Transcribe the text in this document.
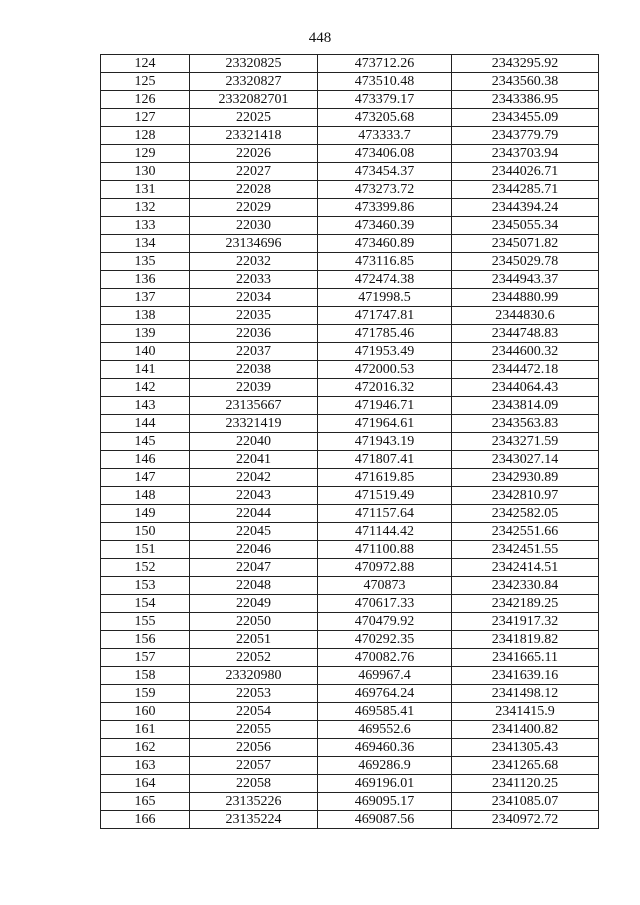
448
124	23320825	473712.26	2343295.92
125	23320827	473510.48	2343560.38
126	2332082701	473379.17	2343386.95
127	22025	473205.68	2343455.09
128	23321418	473333.7	2343779.79
129	22026	473406.08	2343703.94
130	22027	473454.37	2344026.71
131	22028	473273.72	2344285.71
132	22029	473399.86	2344394.24
133	22030	473460.39	2345055.34
134	23134696	473460.89	2345071.82
135	22032	473116.85	2345029.78
136	22033	472474.38	2344943.37
137	22034	471998.5	2344880.99
138	22035	471747.81	2344830.6
139	22036	471785.46	2344748.83
140	22037	471953.49	2344600.32
141	22038	472000.53	2344472.18
142	22039	472016.32	2344064.43
143	23135667	471946.71	2343814.09
144	23321419	471964.61	2343563.83
145	22040	471943.19	2343271.59
146	22041	471807.41	2343027.14
147	22042	471619.85	2342930.89
148	22043	471519.49	2342810.97
149	22044	471157.64	2342582.05
150	22045	471144.42	2342551.66
151	22046	471100.88	2342451.55
152	22047	470972.88	2342414.51
153	22048	470873	2342330.84
154	22049	470617.33	2342189.25
155	22050	470479.92	2341917.32
156	22051	470292.35	2341819.82
157	22052	470082.76	2341665.11
158	23320980	469967.4	2341639.16
159	22053	469764.24	2341498.12
160	22054	469585.41	2341415.9
161	22055	469552.6	2341400.82
162	22056	469460.36	2341305.43
163	22057	469286.9	2341265.68
164	22058	469196.01	2341120.25
165	23135226	469095.17	2341085.07
166	23135224	469087.56	2340972.72
